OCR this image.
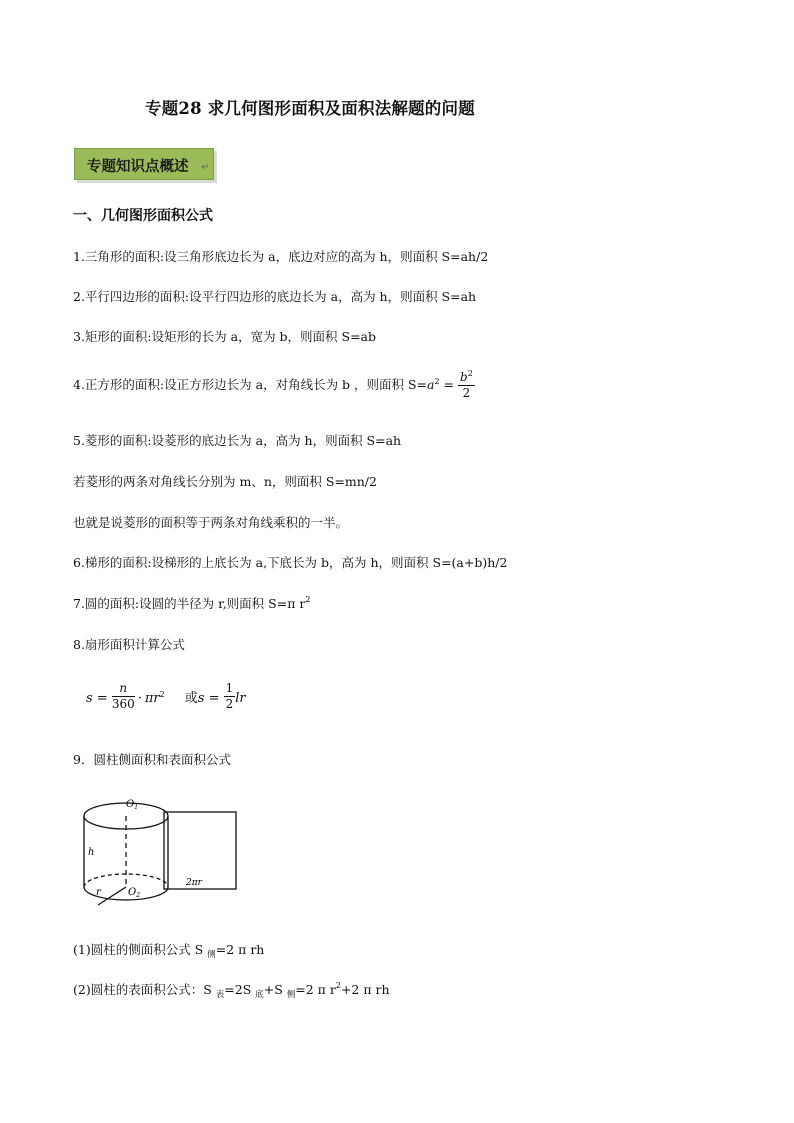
专题28 求几何图形面积及面积法解题的问题
专题知识点概述 ↵
一、几何图形面积公式
1.三角形的面积:设三角形底边长为 a，底边对应的高为 h，则面积 S=ah/2
2.平行四边形的面积:设平行四边形的底边长为 a，高为 h，则面积 S=ah
3.矩形的面积:设矩形的长为 a，宽为 b，则面积 S=ab
4.正方形的面积:设正方形边长为 a，对角线长为 b ，则面积 $S=a^2 = \frac{b^2}{2}$
5.菱形的面积:设菱形的底边长为 a，高为 h，则面积 S=ah
若菱形的两条对角线长分别为 m、n，则面积 S=mn/2
也就是说菱形的面积等于两条对角线乘积的一半。
6.梯形的面积:设梯形的上底长为 a,下底长为 b，高为 h，则面积 S=(a+b)h/2
7.圆的面积:设圆的半径为 r,则面积 S=π $r^2$
8.扇形面积计算公式
$s = \frac{n}{360} \cdot \pi r^2$ 或$s = \frac{1}{2}$ lr
9．圆柱侧面积和表面积公式
$O_1$
h
$O_2$
r
2πr
(1)圆柱的侧面积公式 S $_侧$=2 π rh
(2)圆柱的表面积公式：S $_表$=2S $_底$+S $_侧$=2 π $r^2+2$ π rh
